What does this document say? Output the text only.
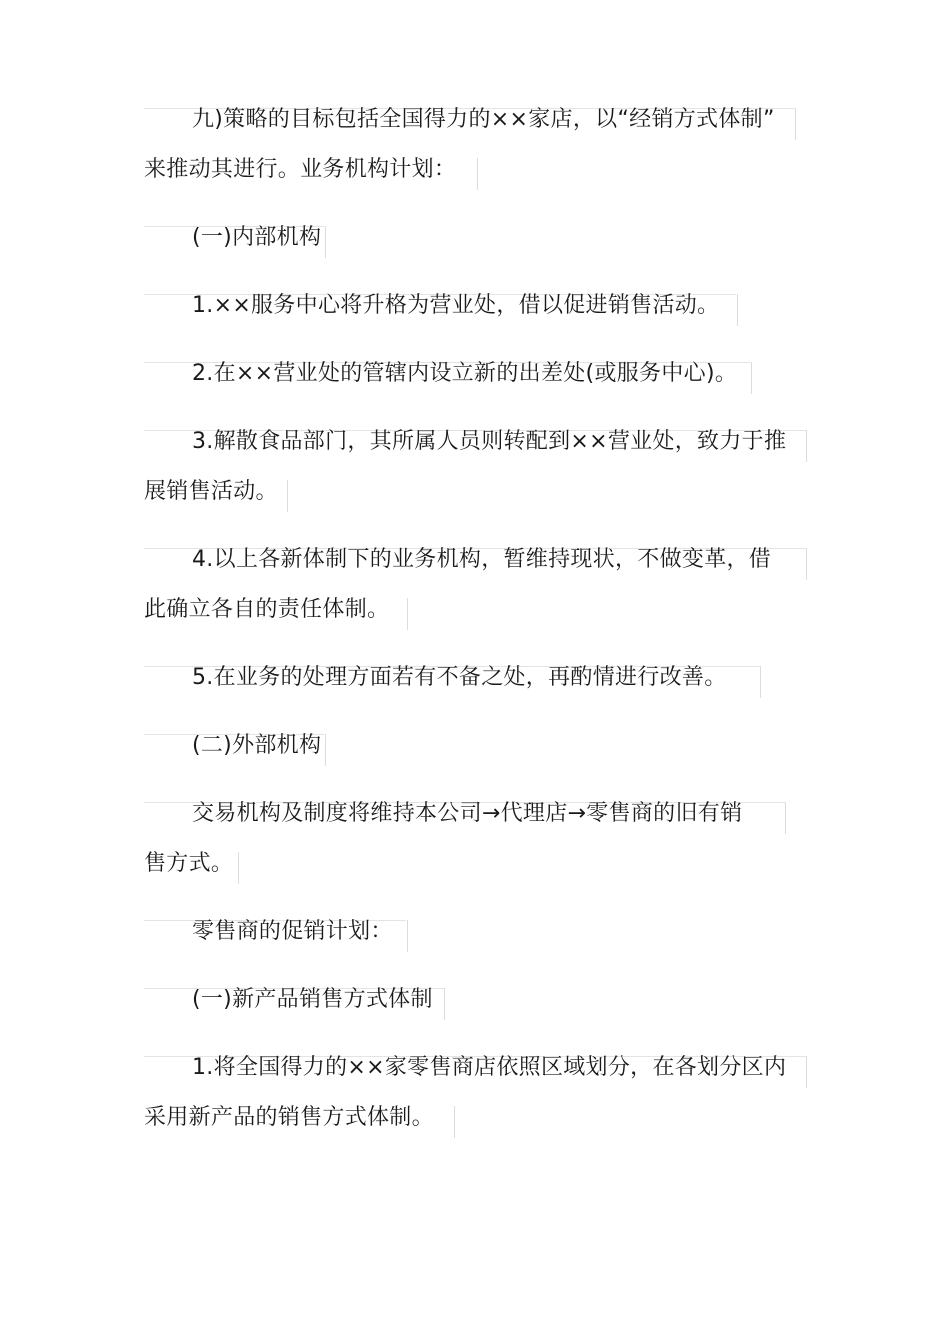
九)策略的目标包括全国得力的××家店，以“经销方式体制”
来推动其进行。业务机构计划：
(一)内部机构
1.××服务中心将升格为营业处，借以促进销售活动。
2.在××营业处的管辖内设立新的出差处(或服务中心)。
3.解散食品部门，其所属人员则转配到××营业处，致力于推
展销售活动。
4.以上各新体制下的业务机构，暂维持现状，不做变革，借
此确立各自的责任体制。
5.在业务的处理方面若有不备之处，再酌情进行改善。
(二)外部机构
交易机构及制度将维持本公司→代理店→零售商的旧有销
售方式。
零售商的促销计划：
(一)新产品销售方式体制
1.将全国得力的××家零售商店依照区域划分，在各划分区内
采用新产品的销售方式体制。
